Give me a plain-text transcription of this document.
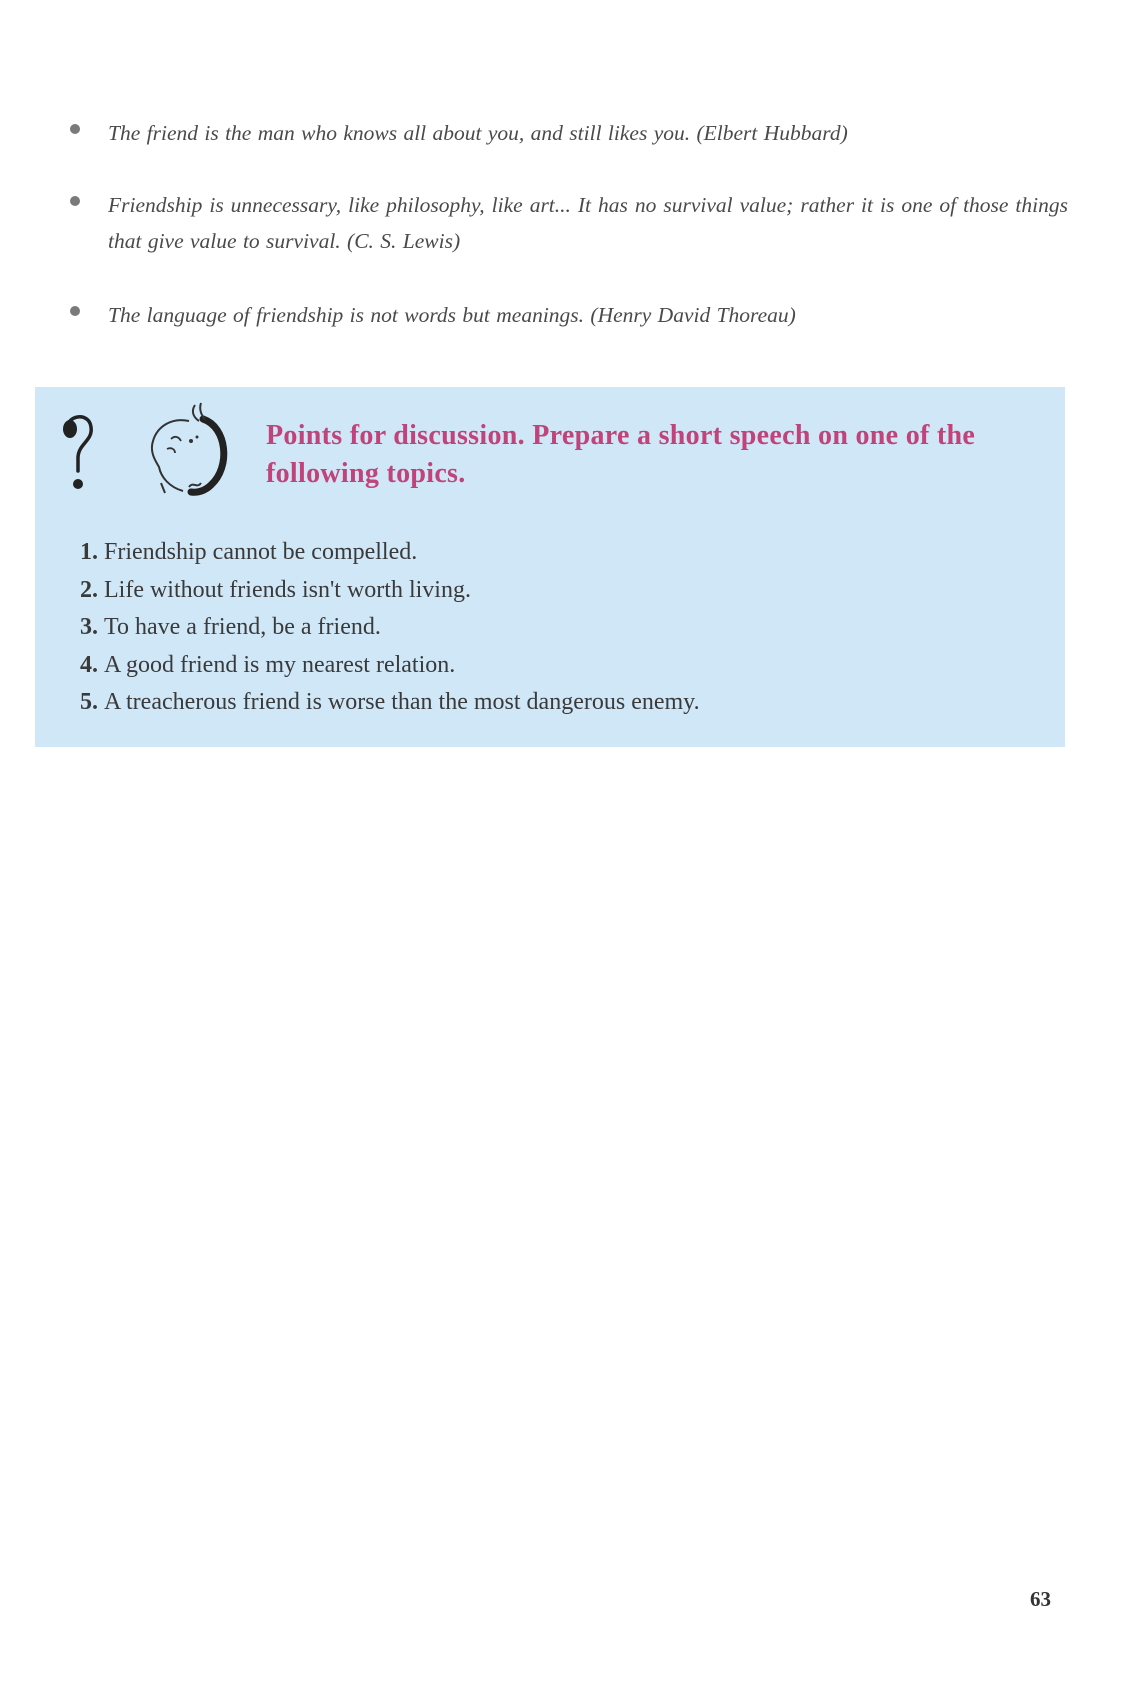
The friend is the man who knows all about you, and still likes you. (Elbert Hubbard)
Friendship is unnecessary, like philosophy, like art... It has no survival value; rather it is one of those things that give value to survival. (C. S. Lewis)
The language of friendship is not words but meanings. (Henry David Thoreau)
Points for discussion. Prepare a short speech on one of the following topics.
1. Friendship cannot be compelled.
2. Life without friends isn't worth living.
3. To have a friend, be a friend.
4. A good friend is my nearest relation.
5. A treacherous friend is worse than the most dangerous enemy.
63
